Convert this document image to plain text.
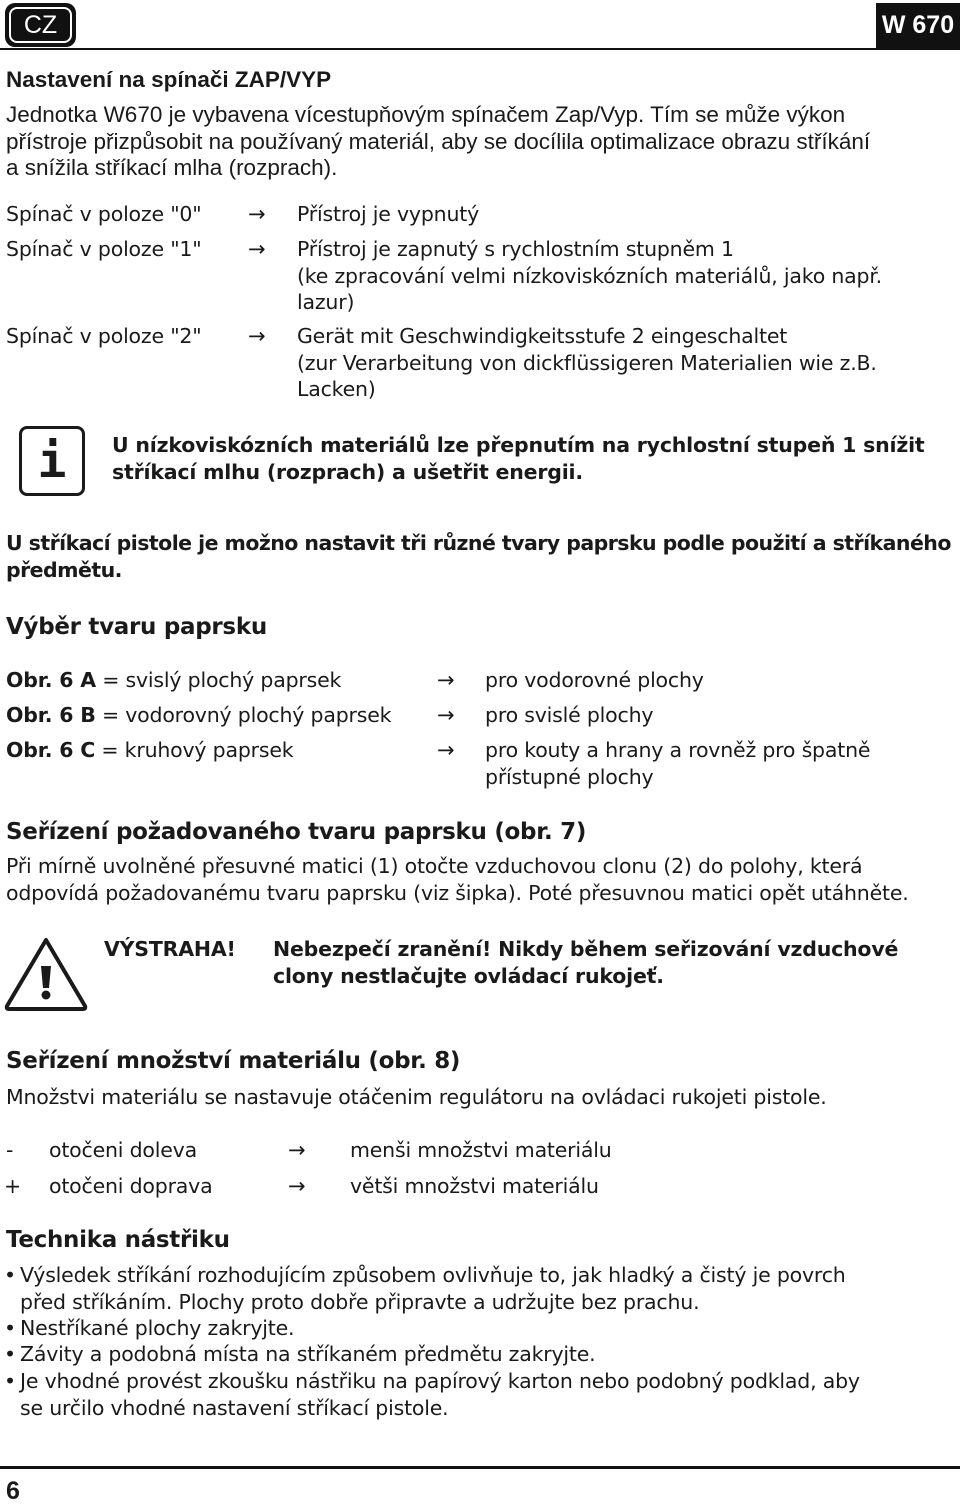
CZ	W 670
Nastavení na spínači ZAP/VYP
Jednotka W670 je vybavena vícestupňovým spínačem Zap/Vyp. Tím se může výkon
přístroje přizpůsobit na používaný materiál, aby se docílila optimalizace obrazu stříkání
a snížila stříkací mlha (rozprach).
Spínač v poloze "0" → Přístroj je vypnutý
Spínač v poloze "1" → Přístroj je zapnutý s rychlostním stupněm 1
(ke zpracování velmi nízkoviskózních materiálů, jako např.
lazur)
Spínač v poloze "2" → Gerät mit Geschwindigkeitsstufe 2 eingeschaltet
(zur Verarbeitung von dickflüssigeren Materialien wie z.B.
Lacken)
i	U nízkoviskózních materiálů lze přepnutím na rychlostní stupeň 1 snížit
stříkací mlhu (rozprach) a ušetřit energii.
U stříkací pistole je možno nastavit tři různé tvary paprsku podle použití a stříkaného
předmětu.
Výběr tvaru paprsku
Obr. 6 A = svislý plochý paprsek	→ pro vodorovné plochy
Obr. 6 B = vodorovný plochý paprsek → pro svislé plochy
Obr. 6 C = kruhový paprsek	→ pro kouty a hrany a rovněž pro špatně
přístupné plochy
Seřízení požadovaného tvaru paprsku (obr. 7)
Při mírně uvolněné přesuvné matici (1) otočte vzduchovou clonu (2) do polohy, která
odpovídá požadovanému tvaru paprsku (viz šipka). Poté přesuvnou matici opět utáhněte.
VÝSTRAHA! Nebezpečí zranění! Nikdy během seřizování vzduchové
clony nestlačujte ovládací rukojeť.
Seřízení množství materiálu (obr. 8)
Množstvi materiálu se nastavuje otáčenim regulátoru na ovládaci rukojeti pistole.
- otočeni doleva	→ menši množstvi materiálu
+ otočeni doprava	→ větši množstvi materiálu
Technika nástřiku
• Výsledek stříkání rozhodujícím způsobem ovlivňuje to, jak hladký a čistý je povrch
před stříkáním. Plochy proto dobře připravte a udržujte bez prachu.
• Nestříkané plochy zakryjte.
• Závity a podobná místa na stříkaném předmětu zakryjte.
• Je vhodné provést zkoušku nástřiku na papírový karton nebo podobný podklad, aby
se určilo vhodné nastavení stříkací pistole.
6
